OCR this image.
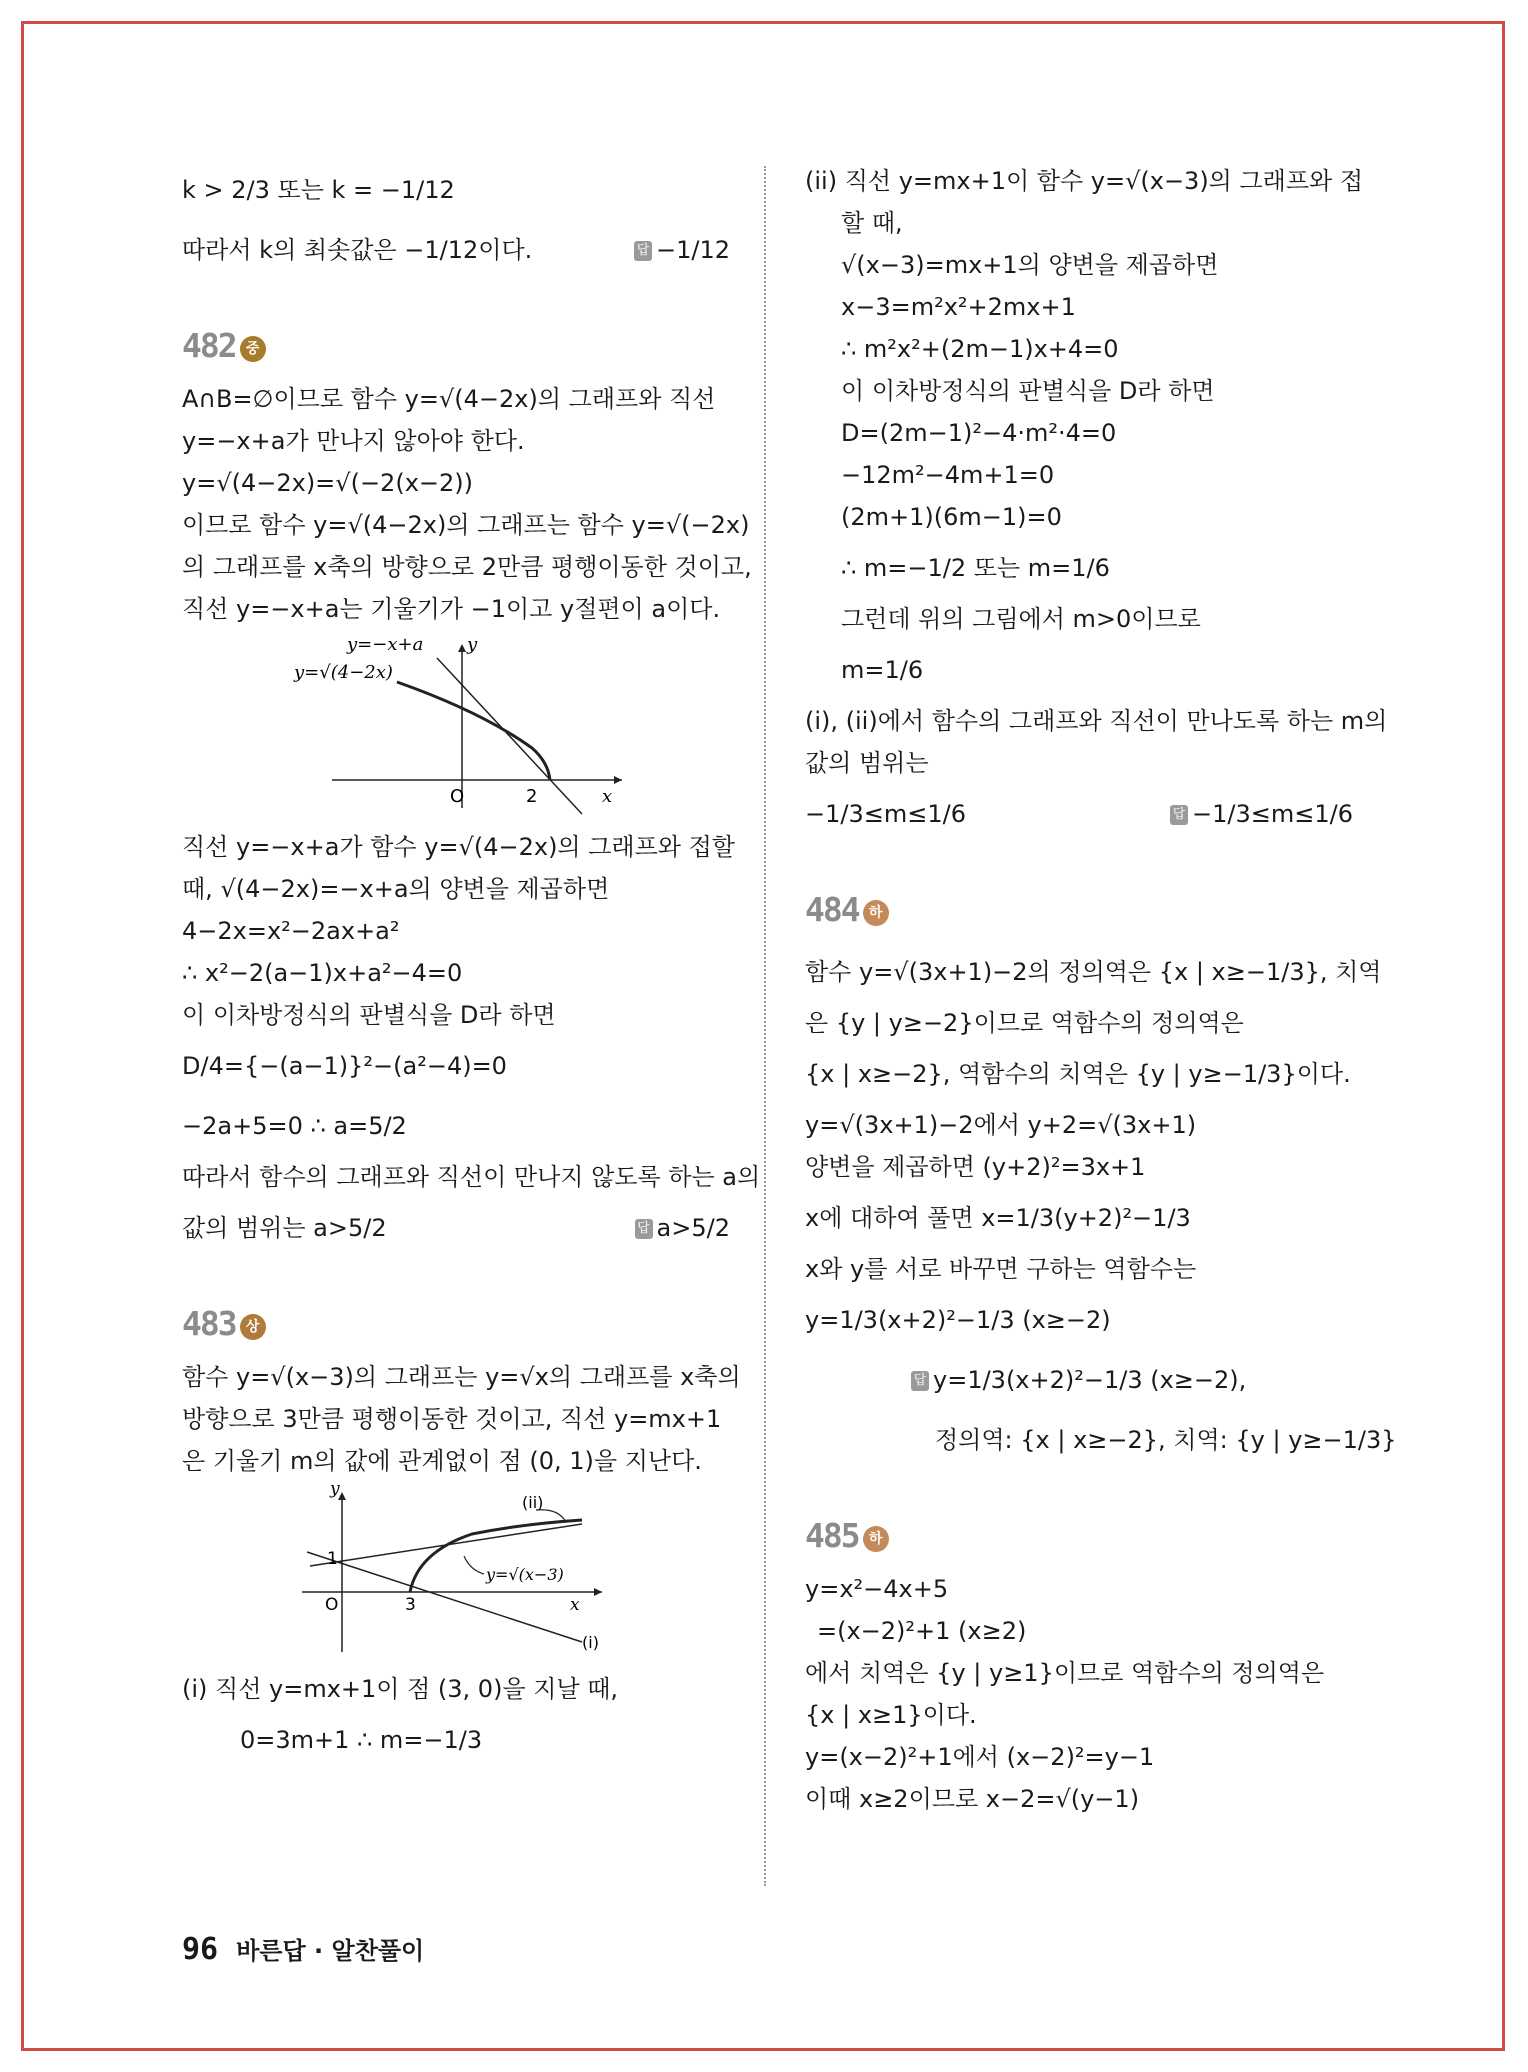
k > 2/3 또는 k = −1/12
따라서 k의 최솟값은 −1/12이다.	답 −1/12
482 중
A∩B=∅이므로 함수 y=√(4−2x)의 그래프와 직선
y=−x+a가 만나지 않아야 한다.
y=√(4−2x)=√(−2(x−2))
이므로 함수 y=√(4−2x)의 그래프는 함수 y=√(−2x)
의 그래프를 x축의 방향으로 2만큼 평행이동한 것이고,
직선 y=−x+a는 기울기가 −1이고 y절편이 a이다.
y=−x+a y
y=√(4−2x)
O	2	x
직선 y=−x+a가 함수 y=√(4−2x)의 그래프와 접할
때, √(4−2x)=−x+a의 양변을 제곱하면
4−2x=x²−2ax+a²
∴ x²−2(a−1)x+a²−4=0
이 이차방정식의 판별식을 D라 하면
D/4={−(a−1)}²−(a²−4)=0
−2a+5=0 ∴ a=5/2
따라서 함수의 그래프와 직선이 만나지 않도록 하는 a의
값의 범위는 a>5/2	답 a>5/2
483 상
함수 y=√(x−3)의 그래프는 y=√x의 그래프를 x축의
방향으로 3만큼 평행이동한 것이고, 직선 y=mx+1
은 기울기 m의 값에 관계없이 점 (0, 1)을 지난다.
y
1
O	3	x
(ii)
y=√(x−3)
(i)
(i) 직선 y=mx+1이 점 (3, 0)을 지날 때,
0=3m+1 ∴ m=−1/3
(ii) 직선 y=mx+1이 함수 y=√(x−3)의 그래프와 접
할 때,
√(x−3)=mx+1의 양변을 제곱하면
x−3=m²x²+2mx+1
∴ m²x²+(2m−1)x+4=0
이 이차방정식의 판별식을 D라 하면
D=(2m−1)²−4·m²·4=0
−12m²−4m+1=0
(2m+1)(6m−1)=0
∴ m=−1/2 또는 m=1/6
그런데 위의 그림에서 m>0이므로
m=1/6
(i), (ii)에서 함수의 그래프와 직선이 만나도록 하는 m의
값의 범위는
−1/3≤m≤1/6	답 −1/3≤m≤1/6
484 하
함수 y=√(3x+1)−2의 정의역은 {x | x≥−1/3}, 치역
은 {y | y≥−2}이므로 역함수의 정의역은
{x | x≥−2}, 역함수의 치역은 {y | y≥−1/3}이다.
y=√(3x+1)−2에서 y+2=√(3x+1)
양변을 제곱하면 (y+2)²=3x+1
x에 대하여 풀면 x=1/3(y+2)²−1/3
x와 y를 서로 바꾸면 구하는 역함수는
y=1/3(x+2)²−1/3 (x≥−2)
답 y=1/3(x+2)²−1/3 (x≥−2),
정의역: {x | x≥−2}, 치역: {y | y≥−1/3}
485 하
y=x²−4x+5
=(x−2)²+1 (x≥2)
에서 치역은 {y | y≥1}이므로 역함수의 정의역은
{x | x≥1}이다.
y=(x−2)²+1에서 (x−2)²=y−1
이때 x≥2이므로 x−2=√(y−1)
96 바른답 · 알찬풀이
